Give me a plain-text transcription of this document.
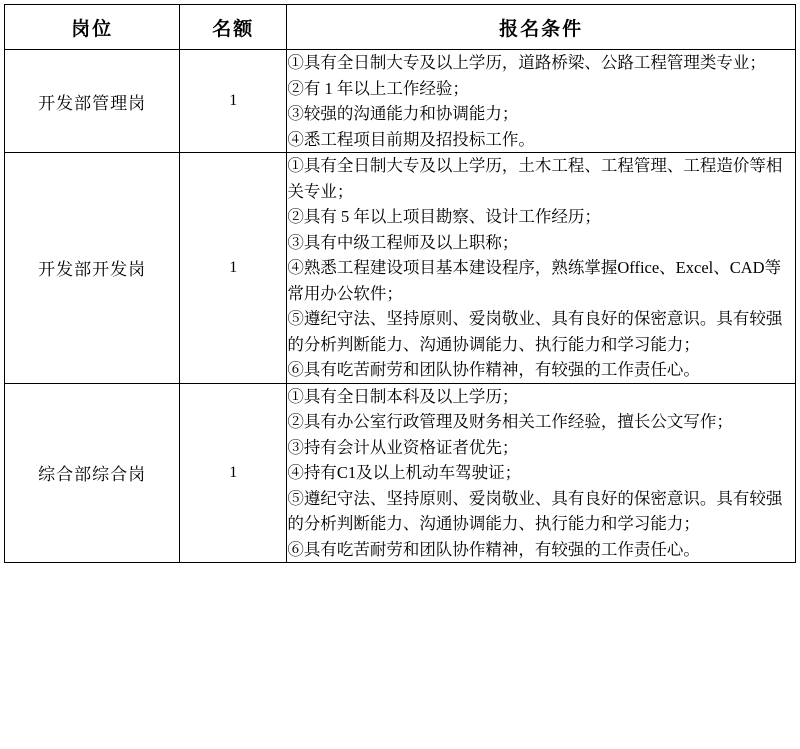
岗位	名额	报名条件
开发部管理岗	1	①具有全日制大专及以上学历，道路桥梁、公路工程管理类专业；
②有 1 年以上工作经验；
③较强的沟通能力和协调能力；
④悉工程项目前期及招投标工作。

开发部开发岗	1	
①具有全日制大专及以上学历，土木工程、工程管理、工程造价等相关专业；
②具有 5 年以上项目勘察、设计工作经历；
③具有中级工程师及以上职称；
④熟悉工程建设项目基本建设程序，熟练掌握Office、Excel、CAD等常用办公软件；
⑤遵纪守法、坚持原则、爱岗敬业、具有良好的保密意识。具有较强的分析判断能力、沟通协调能力、执行能力和学习能力；
⑥具有吃苦耐劳和团队协作精神，有较强的工作责任心。

综合部综合岗	1	
①具有全日制本科及以上学历；
②具有办公室行政管理及财务相关工作经验，擅长公文写作；
③持有会计从业资格证者优先；
④持有C1及以上机动车驾驶证；
⑤遵纪守法、坚持原则、爱岗敬业、具有良好的保密意识。具有较强的分析判断能力、沟通协调能力、执行能力和学习能力；
⑥具有吃苦耐劳和团队协作精神，有较强的工作责任心。
